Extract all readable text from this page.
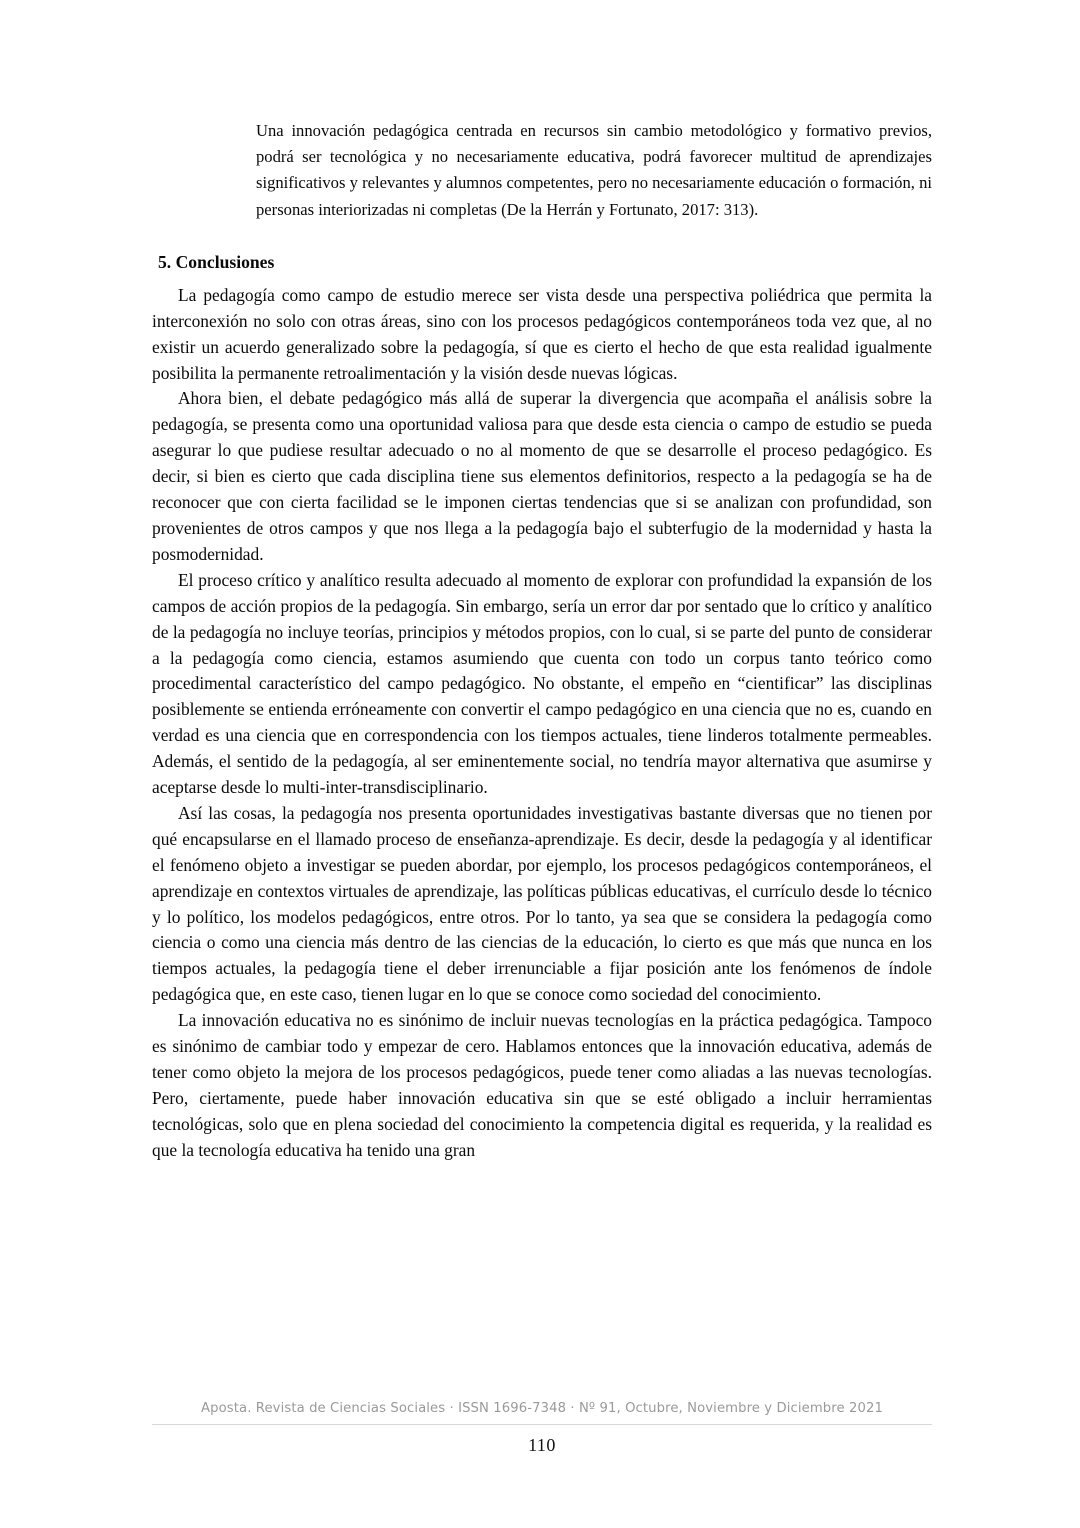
Una innovación pedagógica centrada en recursos sin cambio metodológico y formativo previos, podrá ser tecnológica y no necesariamente educativa, podrá favorecer multitud de aprendizajes significativos y relevantes y alumnos competentes, pero no necesariamente educación o formación, ni personas interiorizadas ni completas (De la Herrán y Fortunato, 2017: 313).

5. Conclusiones

La pedagogía como campo de estudio merece ser vista desde una perspectiva poliédrica que permita la interconexión no solo con otras áreas, sino con los procesos pedagógicos contemporáneos toda vez que, al no existir un acuerdo generalizado sobre la pedagogía, sí que es cierto el hecho de que esta realidad igualmente posibilita la permanente retroalimentación y la visión desde nuevas lógicas.

Ahora bien, el debate pedagógico más allá de superar la divergencia que acompaña el análisis sobre la pedagogía, se presenta como una oportunidad valiosa para que desde esta ciencia o campo de estudio se pueda asegurar lo que pudiese resultar adecuado o no al momento de que se desarrolle el proceso pedagógico. Es decir, si bien es cierto que cada disciplina tiene sus elementos definitorios, respecto a la pedagogía se ha de reconocer que con cierta facilidad se le imponen ciertas tendencias que si se analizan con profundidad, son provenientes de otros campos y que nos llega a la pedagogía bajo el subterfugio de la modernidad y hasta la posmodernidad.

El proceso crítico y analítico resulta adecuado al momento de explorar con profundidad la expansión de los campos de acción propios de la pedagogía. Sin embargo, sería un error dar por sentado que lo crítico y analítico de la pedagogía no incluye teorías, principios y métodos propios, con lo cual, si se parte del punto de considerar a la pedagogía como ciencia, estamos asumiendo que cuenta con todo un corpus tanto teórico como procedimental característico del campo pedagógico. No obstante, el empeño en “cientificar” las disciplinas posiblemente se entienda erróneamente con convertir el campo pedagógico en una ciencia que no es, cuando en verdad es una ciencia que en correspondencia con los tiempos actuales, tiene linderos totalmente permeables. Además, el sentido de la pedagogía, al ser eminentemente social, no tendría mayor alternativa que asumirse y aceptarse desde lo multi-inter-transdisciplinario.

Así las cosas, la pedagogía nos presenta oportunidades investigativas bastante diversas que no tienen por qué encapsularse en el llamado proceso de enseñanza-aprendizaje. Es decir, desde la pedagogía y al identificar el fenómeno objeto a investigar se pueden abordar, por ejemplo, los procesos pedagógicos contemporáneos, el aprendizaje en contextos virtuales de aprendizaje, las políticas públicas educativas, el currículo desde lo técnico y lo político, los modelos pedagógicos, entre otros. Por lo tanto, ya sea que se considera la pedagogía como ciencia o como una ciencia más dentro de las ciencias de la educación, lo cierto es que más que nunca en los tiempos actuales, la pedagogía tiene el deber irrenunciable a fijar posición ante los fenómenos de índole pedagógica que, en este caso, tienen lugar en lo que se conoce como sociedad del conocimiento.

La innovación educativa no es sinónimo de incluir nuevas tecnologías en la práctica pedagógica. Tampoco es sinónimo de cambiar todo y empezar de cero. Hablamos entonces que la innovación educativa, además de tener como objeto la mejora de los procesos pedagógicos, puede tener como aliadas a las nuevas tecnologías. Pero, ciertamente, puede haber innovación educativa sin que se esté obligado a incluir herramientas tecnológicas, solo que en plena sociedad del conocimiento la competencia digital es requerida, y la realidad es que la tecnología educativa ha tenido una gran

Aposta. Revista de Ciencias Sociales · ISSN 1696-7348 · Nº 91, Octubre, Noviembre y Diciembre 2021
110
